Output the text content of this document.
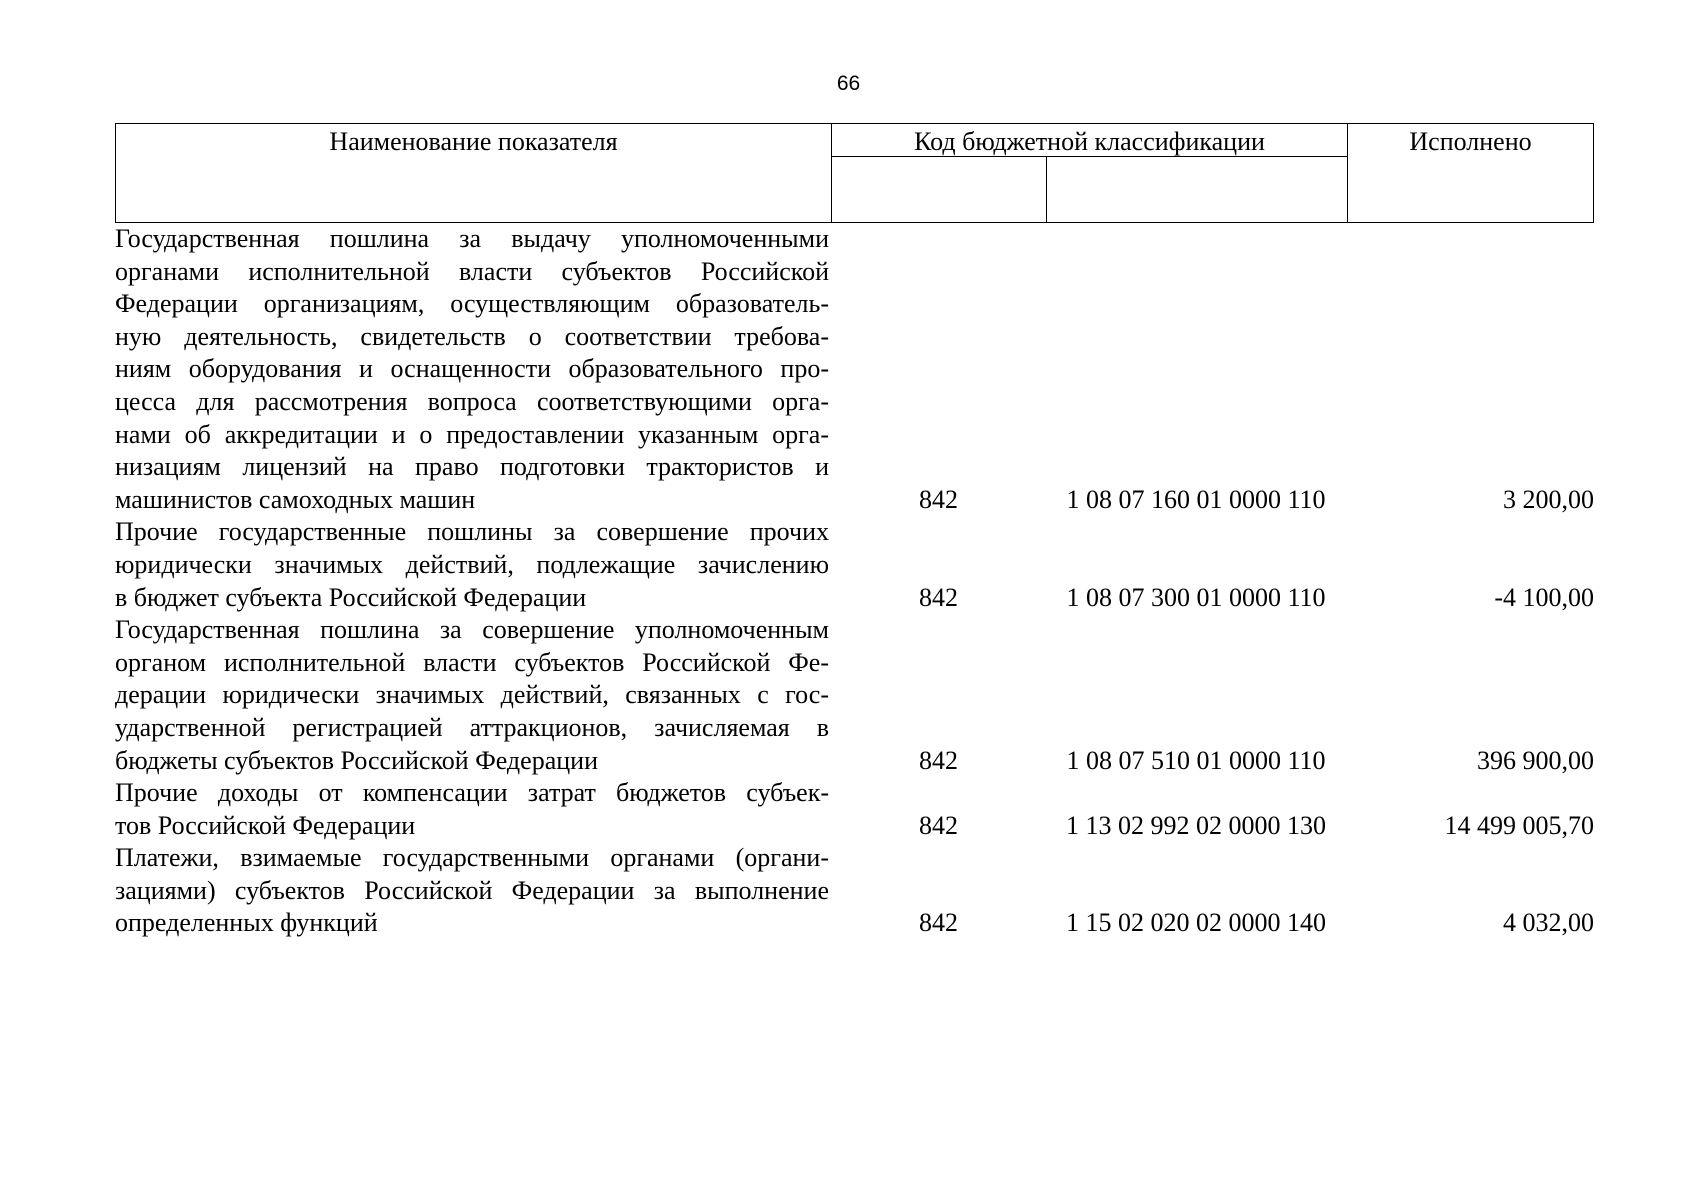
66
Наименование показателя	Код бюджетной классификации	Исполнено
Государственная пошлина за выдачу уполномоченными
органами исполнительной власти субъектов Российской
Федерации организациям, осуществляющим образователь-
ную деятельность, свидетельств о соответствии требова-
ниям оборудования и оснащенности образовательного про-
цесса для рассмотрения вопроса соответствующими орга-
нами об аккредитации и о предоставлении указанным орга-
низациям лицензий на право подготовки трактористов и
машинистов самоходных машин	842	1 08 07 160 01 0000 110	3 200,00
Прочие государственные пошлины за совершение прочих
юридически значимых действий, подлежащие зачислению
в бюджет субъекта Российской Федерации	842	1 08 07 300 01 0000 110	-4 100,00
Государственная пошлина за совершение уполномоченным
органом исполнительной власти субъектов Российской Фе-
дерации юридически значимых действий, связанных с гос-
ударственной регистрацией аттракционов, зачисляемая в
бюджеты субъектов Российской Федерации	842	1 08 07 510 01 0000 110	396 900,00
Прочие доходы от компенсации затрат бюджетов субъек-
тов Российской Федерации	842	1 13 02 992 02 0000 130	14 499 005,70
Платежи, взимаемые государственными органами (органи-
зациями) субъектов Российской Федерации за выполнение
определенных функций	842	1 15 02 020 02 0000 140	4 032,00
